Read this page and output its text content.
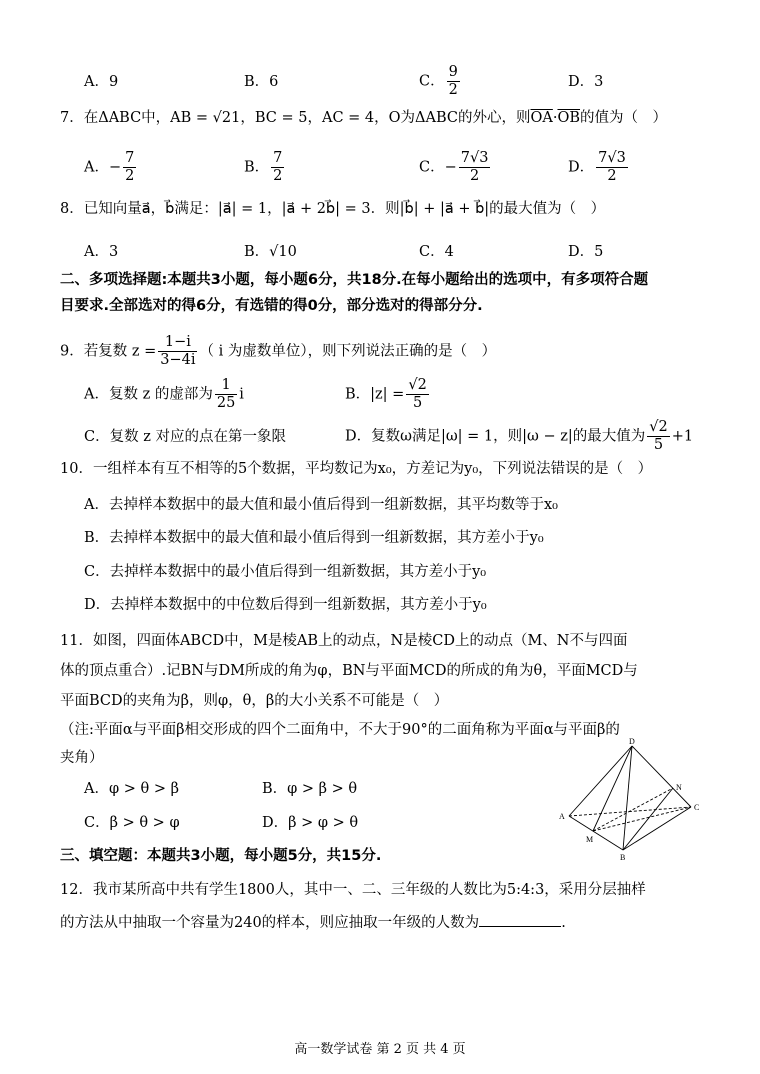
A．9	B．6	C． $\frac{9}{2}$	D．3
7．在ΔABC中，AB = √21，BC = 5，AC = 4，O为ΔABC的外心，则$\overline{OA}\cdot\overline{OB}$的值为（　）
A．− $\frac{7}{2}$	B． $\frac{7}{2}$	C．− $\frac{7√3}{2}$	D． $\frac{7√3}{2}$
8．已知向量a⃗，b⃗满足：|a⃗| = 1，|a⃗ + 2b⃗| = 3．则|b⃗| + |a⃗ + b⃗|的最大值为（　）
A．3	B．√10	C．4	D．5
二、多项选择题:本题共3小题，每小题6分，共18分.在每小题给出的选项中，有多项符合题
目要求.全部选对的得6分，有选错的得0分，部分选对的得部分分.
9．若复数 $z = \frac{1-i}{3-4i}$ （ i 为虚数单位），则下列说法正确的是（　）
A．复数 z 的虚部为 $\frac{1}{25}$ i	B．$|z| = \frac{√2}{5}$
C．复数 z 对应的点在第一象限	D．复数ω满足|ω| = 1，则|ω − z|的最大值为 $\frac{√2}{5} +1$
10．一组样本有互不相等的5个数据，平均数记为x₀，方差记为y₀，下列说法错误的是（　）
A．去掉样本数据中的最大值和最小值后得到一组新数据，其平均数等于x₀
B．去掉样本数据中的最大值和最小值后得到一组新数据，其方差小于y₀
C．去掉样本数据中的最小值后得到一组新数据，其方差小于y₀
D．去掉样本数据中的中位数后得到一组新数据，其方差小于y₀
11．如图，四面体ABCD中，M是棱AB上的动点，N是棱CD上的动点（M、N不与四面
体的顶点重合）.记BN与DM所成的角为φ，BN与平面MCD的所成的角为θ，平面MCD与
平面BCD的夹角为β，则φ，θ，β的大小关系不可能是（　）
（注:平面α与平面β相交形成的四个二面角中，不大于90°的二面角称为平面α与平面β的
夹角）
A．φ > θ > β	B．φ > β > θ
C．β > θ > φ	D．β > φ > θ
D
A
B
C
M
N
三、填空题：本题共3小题，每小题5分，共15分.
12．我市某所高中共有学生1800人，其中一、二、三年级的人数比为5:4:3，采用分层抽样
的方法从中抽取一个容量为240的样本，则应抽取一年级的人数为	.
高一数学试卷 第 2 页 共 4 页
